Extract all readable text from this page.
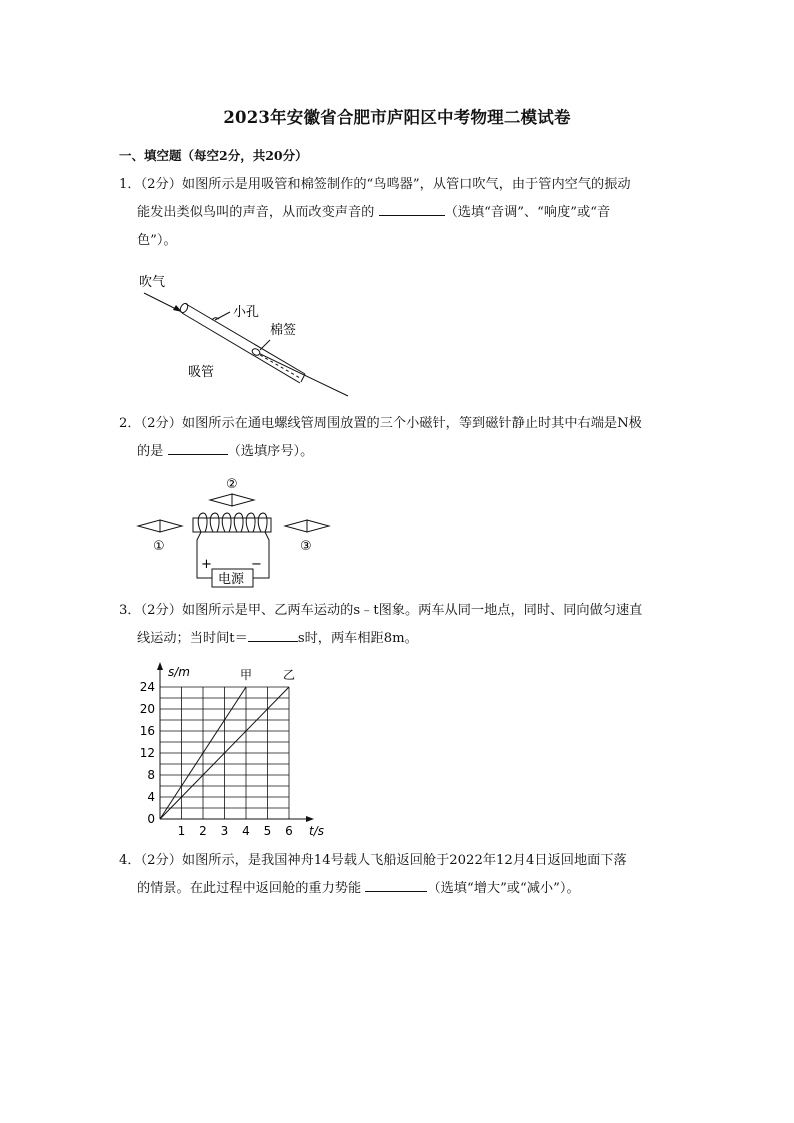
2023年安徽省合肥市庐阳区中考物理二模试卷
一、填空题（每空2分，共20分）
1．（2分）如图所示是用吸管和棉签制作的“鸟鸣器”，从管口吹气，由于管内空气的振动
能发出类似鸟叫的声音，从而改变声音的	（选填“音调”、“响度”或“音
色”）。
吹气
小孔
棉签
吸管
2．（2分）如图所示在通电螺线管周围放置的三个小磁针，等到磁针静止时其中右端是N极
的是	（选填序号）。
②
①	③
电源
+	−
3．（2分）如图所示是甲、乙两车运动的s﹣t图象。两车从同一地点，同时、同向做匀速直
线运动；当时间t＝	s时，两车相距8m。
s/m
t/s
1 2 3 4 5 6
0
4
8
12
16
20
24
甲	乙
4．（2分）如图所示，是我国神舟14号载人飞船返回舱于2022年12月4日返回地面下落
的情景。在此过程中返回舱的重力势能	（选填“增大”或“减小”）。
